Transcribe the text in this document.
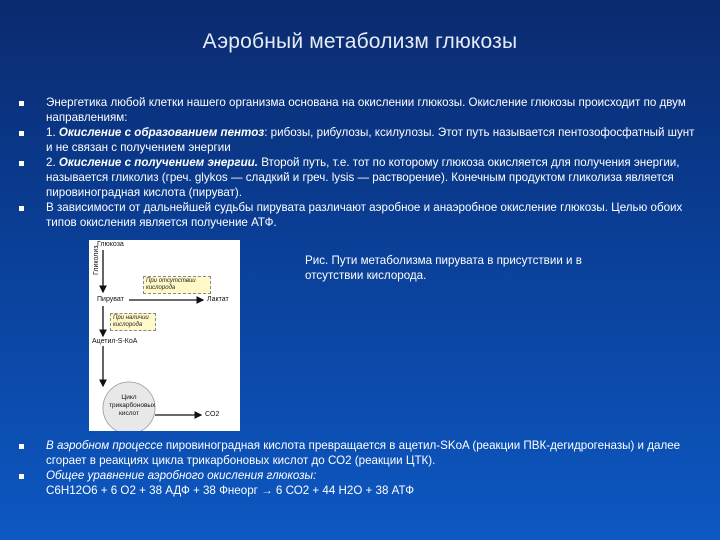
Аэробный метаболизм глюкозы
Энергетика любой клетки нашего организма основана на окислении глюкозы. Окисление глюкозы происходит по двум направлениям:
1. Окисление с образованием пентоз: рибозы, рибулозы, ксилулозы. Этот путь называется пентозофосфатный шунт и не связан с получением энергии
2. Окисление с получением энергии. Второй путь, т.е. тот по которому глюкоза окисляется для получения энергии, называется гликолиз (греч. glykos — сладкий и греч. lysis — растворение). Конечным продуктом гликолиза является пировиноградная кислота (пируват).
В зависимости от дальнейшей судьбы пирувата различают аэробное и анаэробное окисление глюкозы. Целью обоих типов окисления является получение АТФ.
Глюкоза
Гликолиз
При отсутствии кислорода
Пируват	Лактат
При наличии кислорода
Ацетил-S-КоА
Цикл трикарбоновых кислот	CO2
Рис. Пути метаболизма пирувата в присутствии и в отсутствии кислорода.
В аэробном процессе пировиноградная кислота превращается в ацетил-SKoA (реакции ПВК-дегидрогеназы) и далее сгорает в реакциях цикла трикарбоновых кислот до СО2 (реакции ЦТК).
Общее уравнение аэробного окисления глюкозы:
С6Н12О6 + 6 О2 + 38 АДФ + 38 Фнеорг → 6 СО2 + 44 Н2О + 38 АТФ
